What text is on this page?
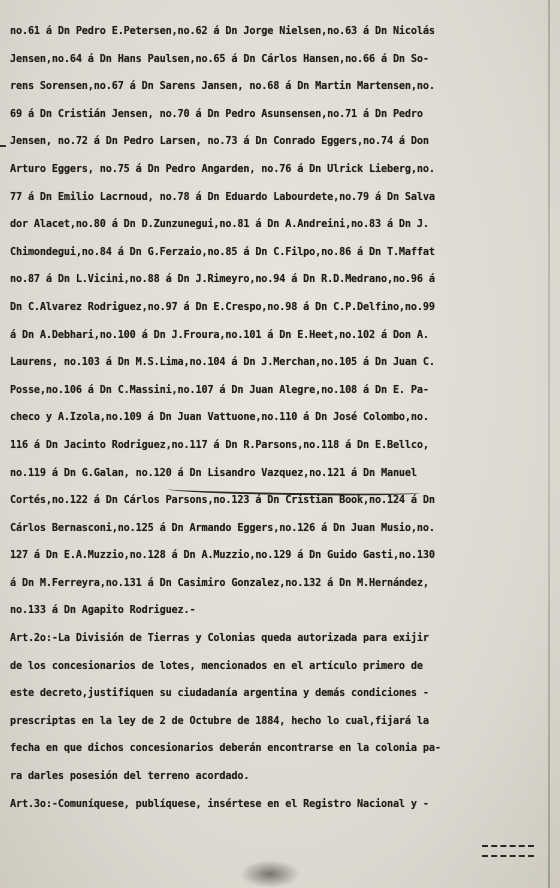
no.61 á Dn Pedro E.Petersen,no.62 á Dn Jorge Nielsen,no.63 á Dn Nicolás
Jensen,no.64 á Dn Hans Paulsen,no.65 á Dn Cárlos Hansen,no.66 á Dn So-
rens Sorensen,no.67 á Dn Sarens Jansen, no.68 á Dn Martin Martensen,no.
69 á Dn Cristián Jensen, no.70 á Dn Pedro Asunsensen,no.71 á Dn Pedro
Jensen, no.72 á Dn Pedro Larsen, no.73 á Dn Conrado Eggers,no.74 á Don
Arturo Eggers, no.75 á Dn Pedro Angarden, no.76 á Dn Ulrick Lieberg,no.
77 á Dn Emilio Lacrnoud, no.78 á Dn Eduardo Labourdete,no.79 á Dn Salva
dor Alacet,no.80 á Dn D.Zunzunegui,no.81 á Dn A.Andreini,no.83 á Dn J.
Chimondegui,no.84 á Dn G.Ferzaio,no.85 á Dn C.Filpo,no.86 á Dn T.Maffat
no.87 á Dn L.Vicini,no.88 á Dn J.Rimeyro,no.94 á Dn R.D.Medrano,no.96 á
Dn C.Alvarez Rodriguez,no.97 á Dn E.Crespo,no.98 á Dn C.P.Delfino,no.99
á Dn A.Debhari,no.100 á Dn J.Froura,no.101 á Dn E.Heet,no.102 á Don A.
Laurens, no.103 á Dn M.S.Lima,no.104 á Dn J.Merchan,no.105 á Dn Juan C.
Posse,no.106 á Dn C.Massini,no.107 á Dn Juan Alegre,no.108 á Dn E. Pa-
checo y A.Izola,no.109 á Dn Juan Vattuone,no.110 á Dn José Colombo,no.
116 á Dn Jacinto Rodriguez,no.117 á Dn R.Parsons,no.118 á Dn E.Bellco,
no.119 á Dn G.Galan, no.120 á Dn Lisandro Vazquez,no.121 á Dn Manuel
Cortés,no.122 á Dn Cárlos Parsons,no.123 á Dn Cristian Book,no.124 á Dn
Cárlos Bernasconi,no.125 á Dn Armando Eggers,no.126 á Dn Juan Musio,no.
127 á Dn E.A.Muzzio,no.128 á Dn A.Muzzio,no.129 á Dn Guido Gasti,no.130
á Dn M.Ferreyra,no.131 á Dn Casimiro Gonzalez,no.132 á Dn M.Hernández,
no.133 á Dn Agapito Rodriguez.-
Art.2o:-La División de Tierras y Colonias queda autorizada para exijir
de los concesionarios de lotes, mencionados en el artículo primero de
este decreto,justifiquen su ciudadanía argentina y demás condiciones -
prescriptas en la ley de 2 de Octubre de 1884, hecho lo cual,fijará la
fecha en que dichos concesionarios deberán encontrarse en la colonia pa-
ra darles posesión del terreno acordado.
Art.3o:-Comuníquese, publíquese, insértese en el Registro Nacional y -
